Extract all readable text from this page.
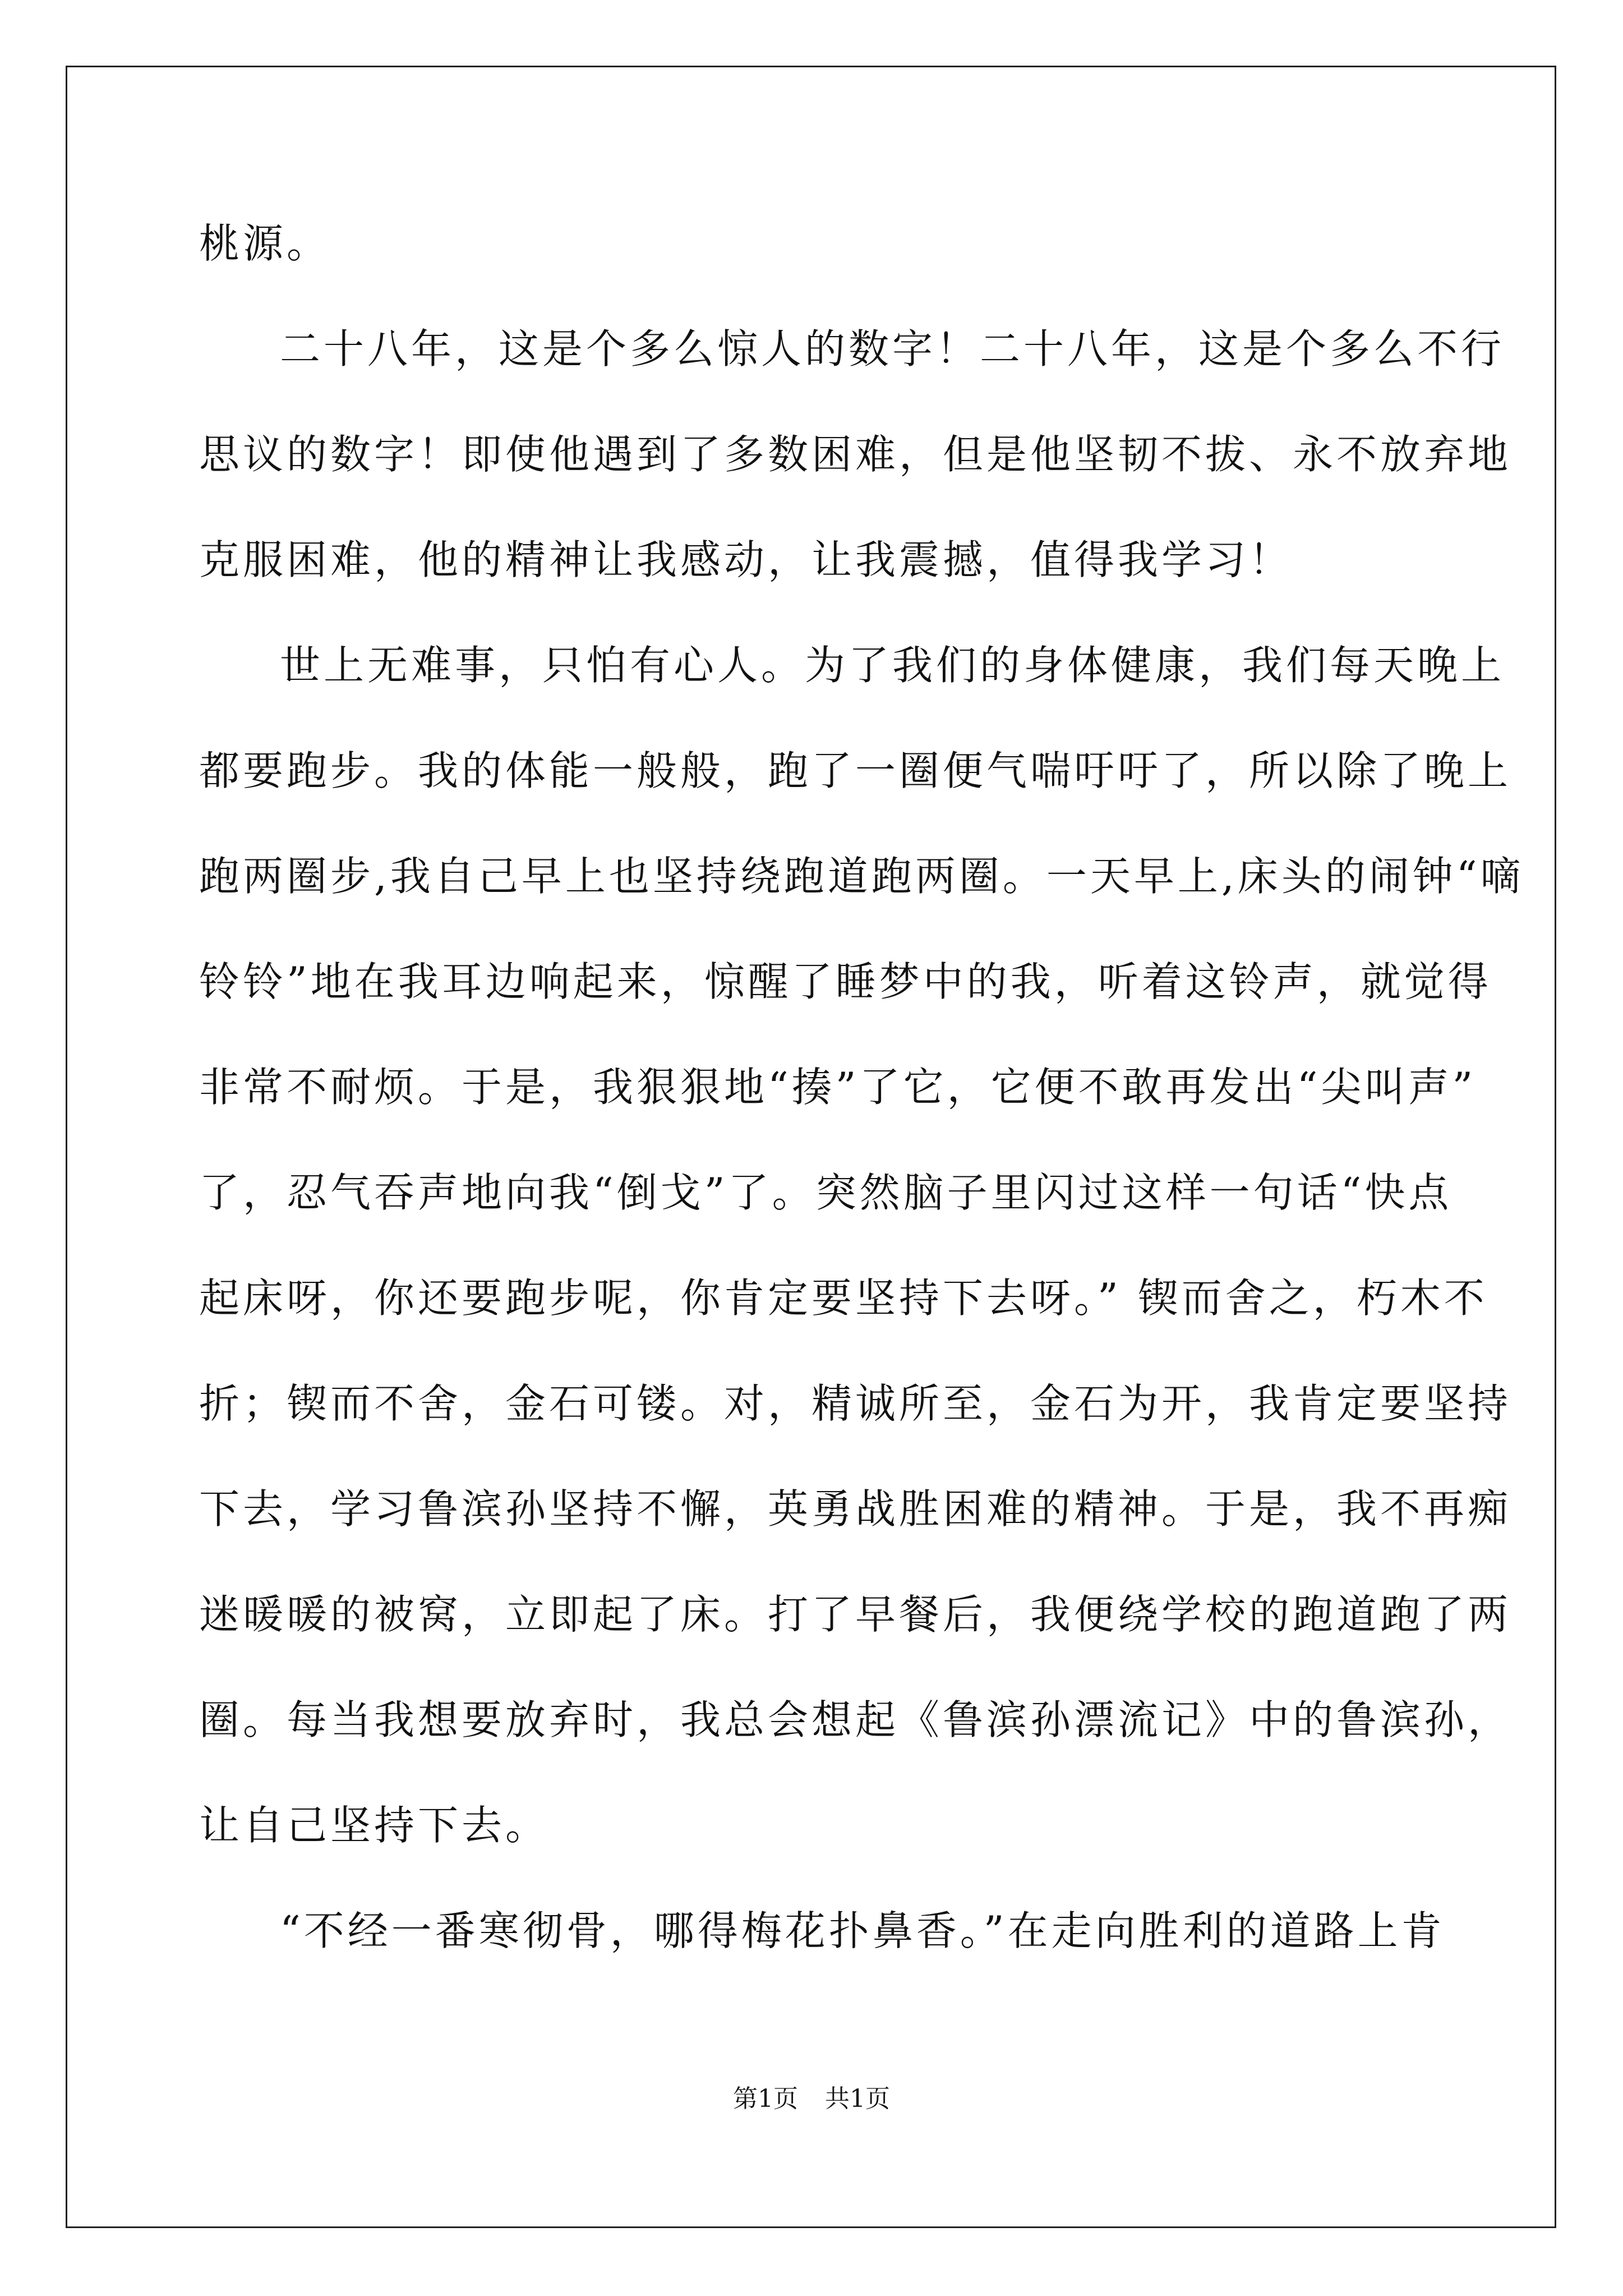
桃源。
二十八年，这是个多么惊人的数字！二十八年，这是个多么不行
思议的数字！即使他遇到了多数困难，但是他坚韧不拔、永不放弃地
克服困难，他的精神让我感动，让我震撼，值得我学习！
世上无难事，只怕有心人。为了我们的身体健康，我们每天晚上
都要跑步。我的体能一般般，跑了一圈便气喘吁吁了，所以除了晚上
跑两圈步,我自己早上也坚持绕跑道跑两圈。一天早上,床头的闹钟“嘀
铃铃”地在我耳边响起来，惊醒了睡梦中的我，听着这铃声，就觉得
非常不耐烦。于是，我狠狠地“揍”了它，它便不敢再发出“尖叫声”
了，忍气吞声地向我“倒戈”了。突然脑子里闪过这样一句话“快点
起床呀，你还要跑步呢，你肯定要坚持下去呀。” 锲而舍之，朽木不
折；锲而不舍，金石可镂。对，精诚所至，金石为开，我肯定要坚持
下去，学习鲁滨孙坚持不懈，英勇战胜困难的精神。于是，我不再痴
迷暖暖的被窝，立即起了床。打了早餐后，我便绕学校的跑道跑了两
圈。每当我想要放弃时，我总会想起《鲁滨孙漂流记》中的鲁滨孙，
让自己坚持下去。
“不经一番寒彻骨，哪得梅花扑鼻香。”在走向胜利的道路上肯
第1页 共1页
